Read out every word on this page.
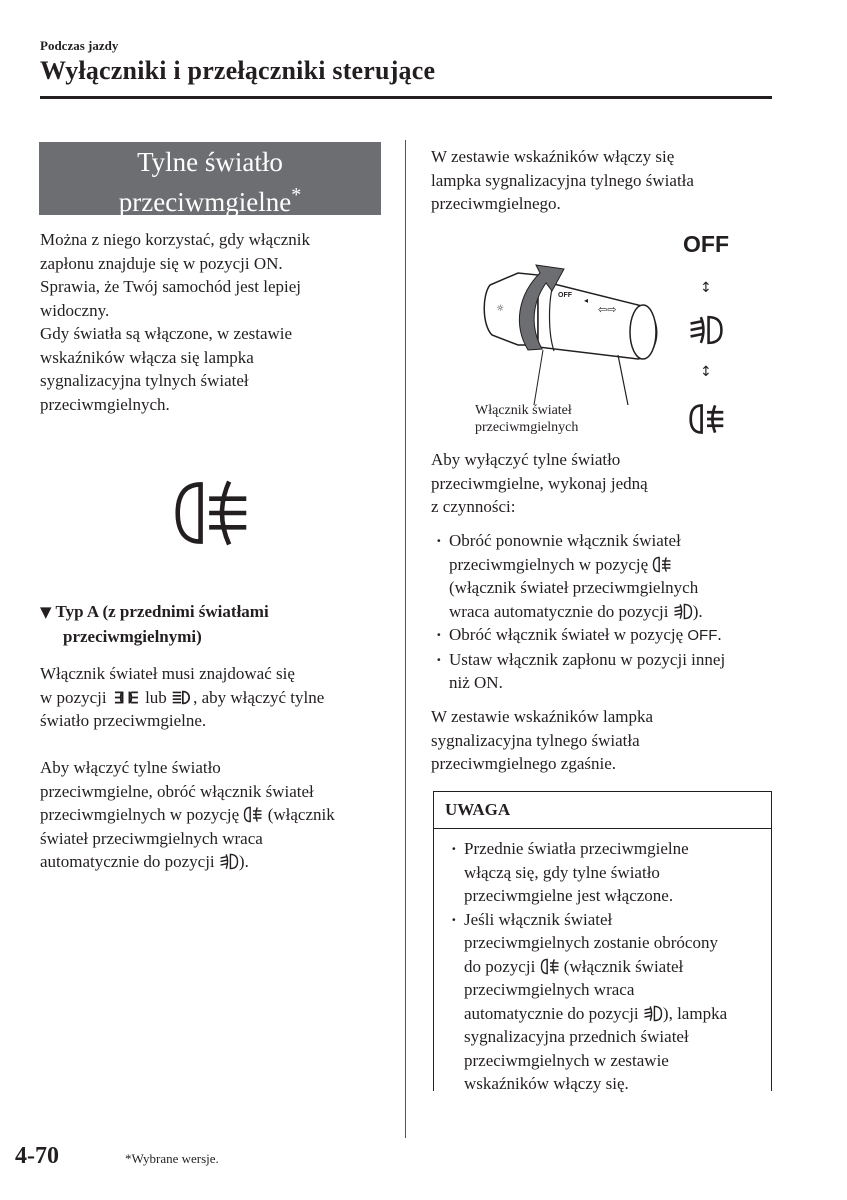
Podczas jazdy
Wyłączniki i przełączniki sterujące
Tylne światło
przeciwmgielne*
Można z niego korzystać, gdy włącznik
zapłonu znajduje się w pozycji ON.
Sprawia, że Twój samochód jest lepiej
widoczny.
Gdy światła są włączone, w zestawie
wskaźników włącza się lampka
sygnalizacyjna tylnych świateł
przeciwmgielnych.
▼ Typ A (z przednimi światłami
przeciwmgielnymi)
Włącznik świateł musi znajdować się
w pozycji  lub , aby włączyć tylne
światło przeciwmgielne.
Aby włączyć tylne światło
przeciwmgielne, obróć włącznik świateł
przeciwmgielnych w pozycję  (włącznik
świateł przeciwmgielnych wraca
automatycznie do pozycji ).
W zestawie wskaźników włączy się
lampka sygnalizacyjna tylnego światła
przeciwmgielnego.
OFF
◂
⇦⇨
☼
OFF
↕
↕
Włącznik świateł
przeciwmgielnych
Aby wyłączyć tylne światło
przeciwmgielne, wykonaj jedną
z czynności:
· Obróć ponownie włącznik świateł
przeciwmgielnych w pozycję
(włącznik świateł przeciwmgielnych
wraca automatycznie do pozycji ).
· Obróć włącznik świateł w pozycję OFF.
· Ustaw włącznik zapłonu w pozycji innej
niż ON.
W zestawie wskaźników lampka
sygnalizacyjna tylnego światła
przeciwmgielnego zgaśnie.
UWAGA
· Przednie światła przeciwmgielne
włączą się, gdy tylne światło
przeciwmgielne jest włączone.
· Jeśli włącznik świateł
przeciwmgielnych zostanie obrócony
do pozycji  (włącznik świateł
przeciwmgielnych wraca
automatycznie do pozycji ), lampka
sygnalizacyjna przednich świateł
przeciwmgielnych w zestawie
wskaźników włączy się.
4-70	*Wybrane wersje.
